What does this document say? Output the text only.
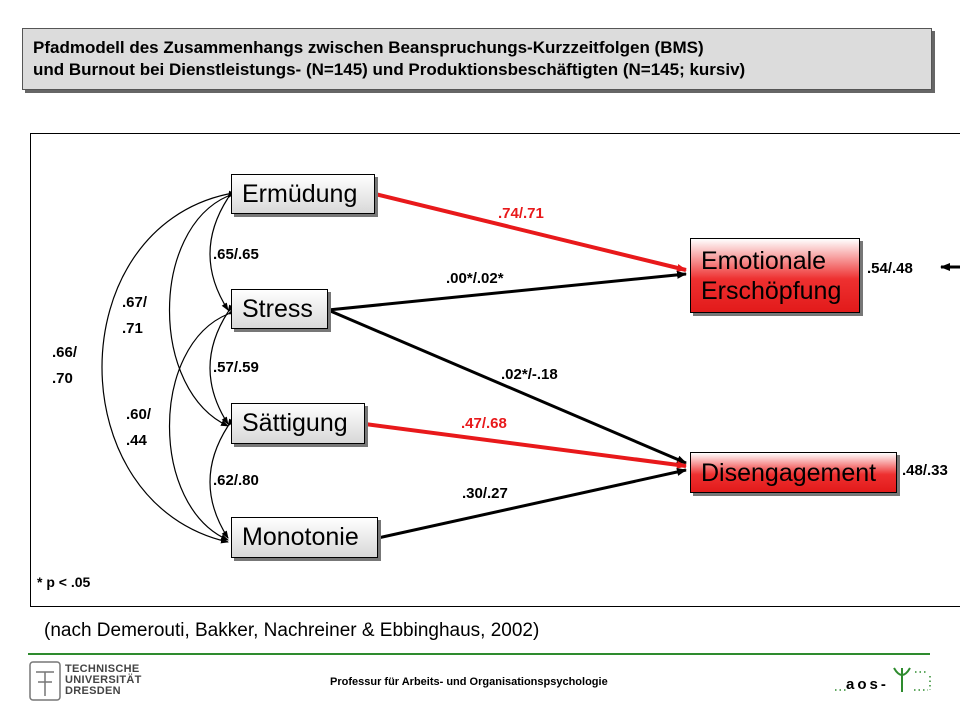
Pfadmodell des Zusammenhangs zwischen Beanspruchungs-Kurzzeitfolgen (BMS)
und Burnout bei Dienstleistungs- (N=145) und Produktionsbeschäftigten (N=145; kursiv)
Ermüdung
Stress
Sättigung
Monotonie
Emotionale
Erschöpfung
Disengagement
.74/.71
.00*/.02*
.02*/-.18
.47/.68
.30/.27
.65/.65
.57/.59
.62/.80
.67/
.71
.60/
.44
.66/
.70
.54/.48
.48/.33
* p < .05
(nach Demerouti, Bakker, Nachreiner & Ebbinghaus, 2002)
TECHNISCHE
UNIVERSITÄT
DRESDEN
Professur für Arbeits- und Organisationspsychologie	aos-
